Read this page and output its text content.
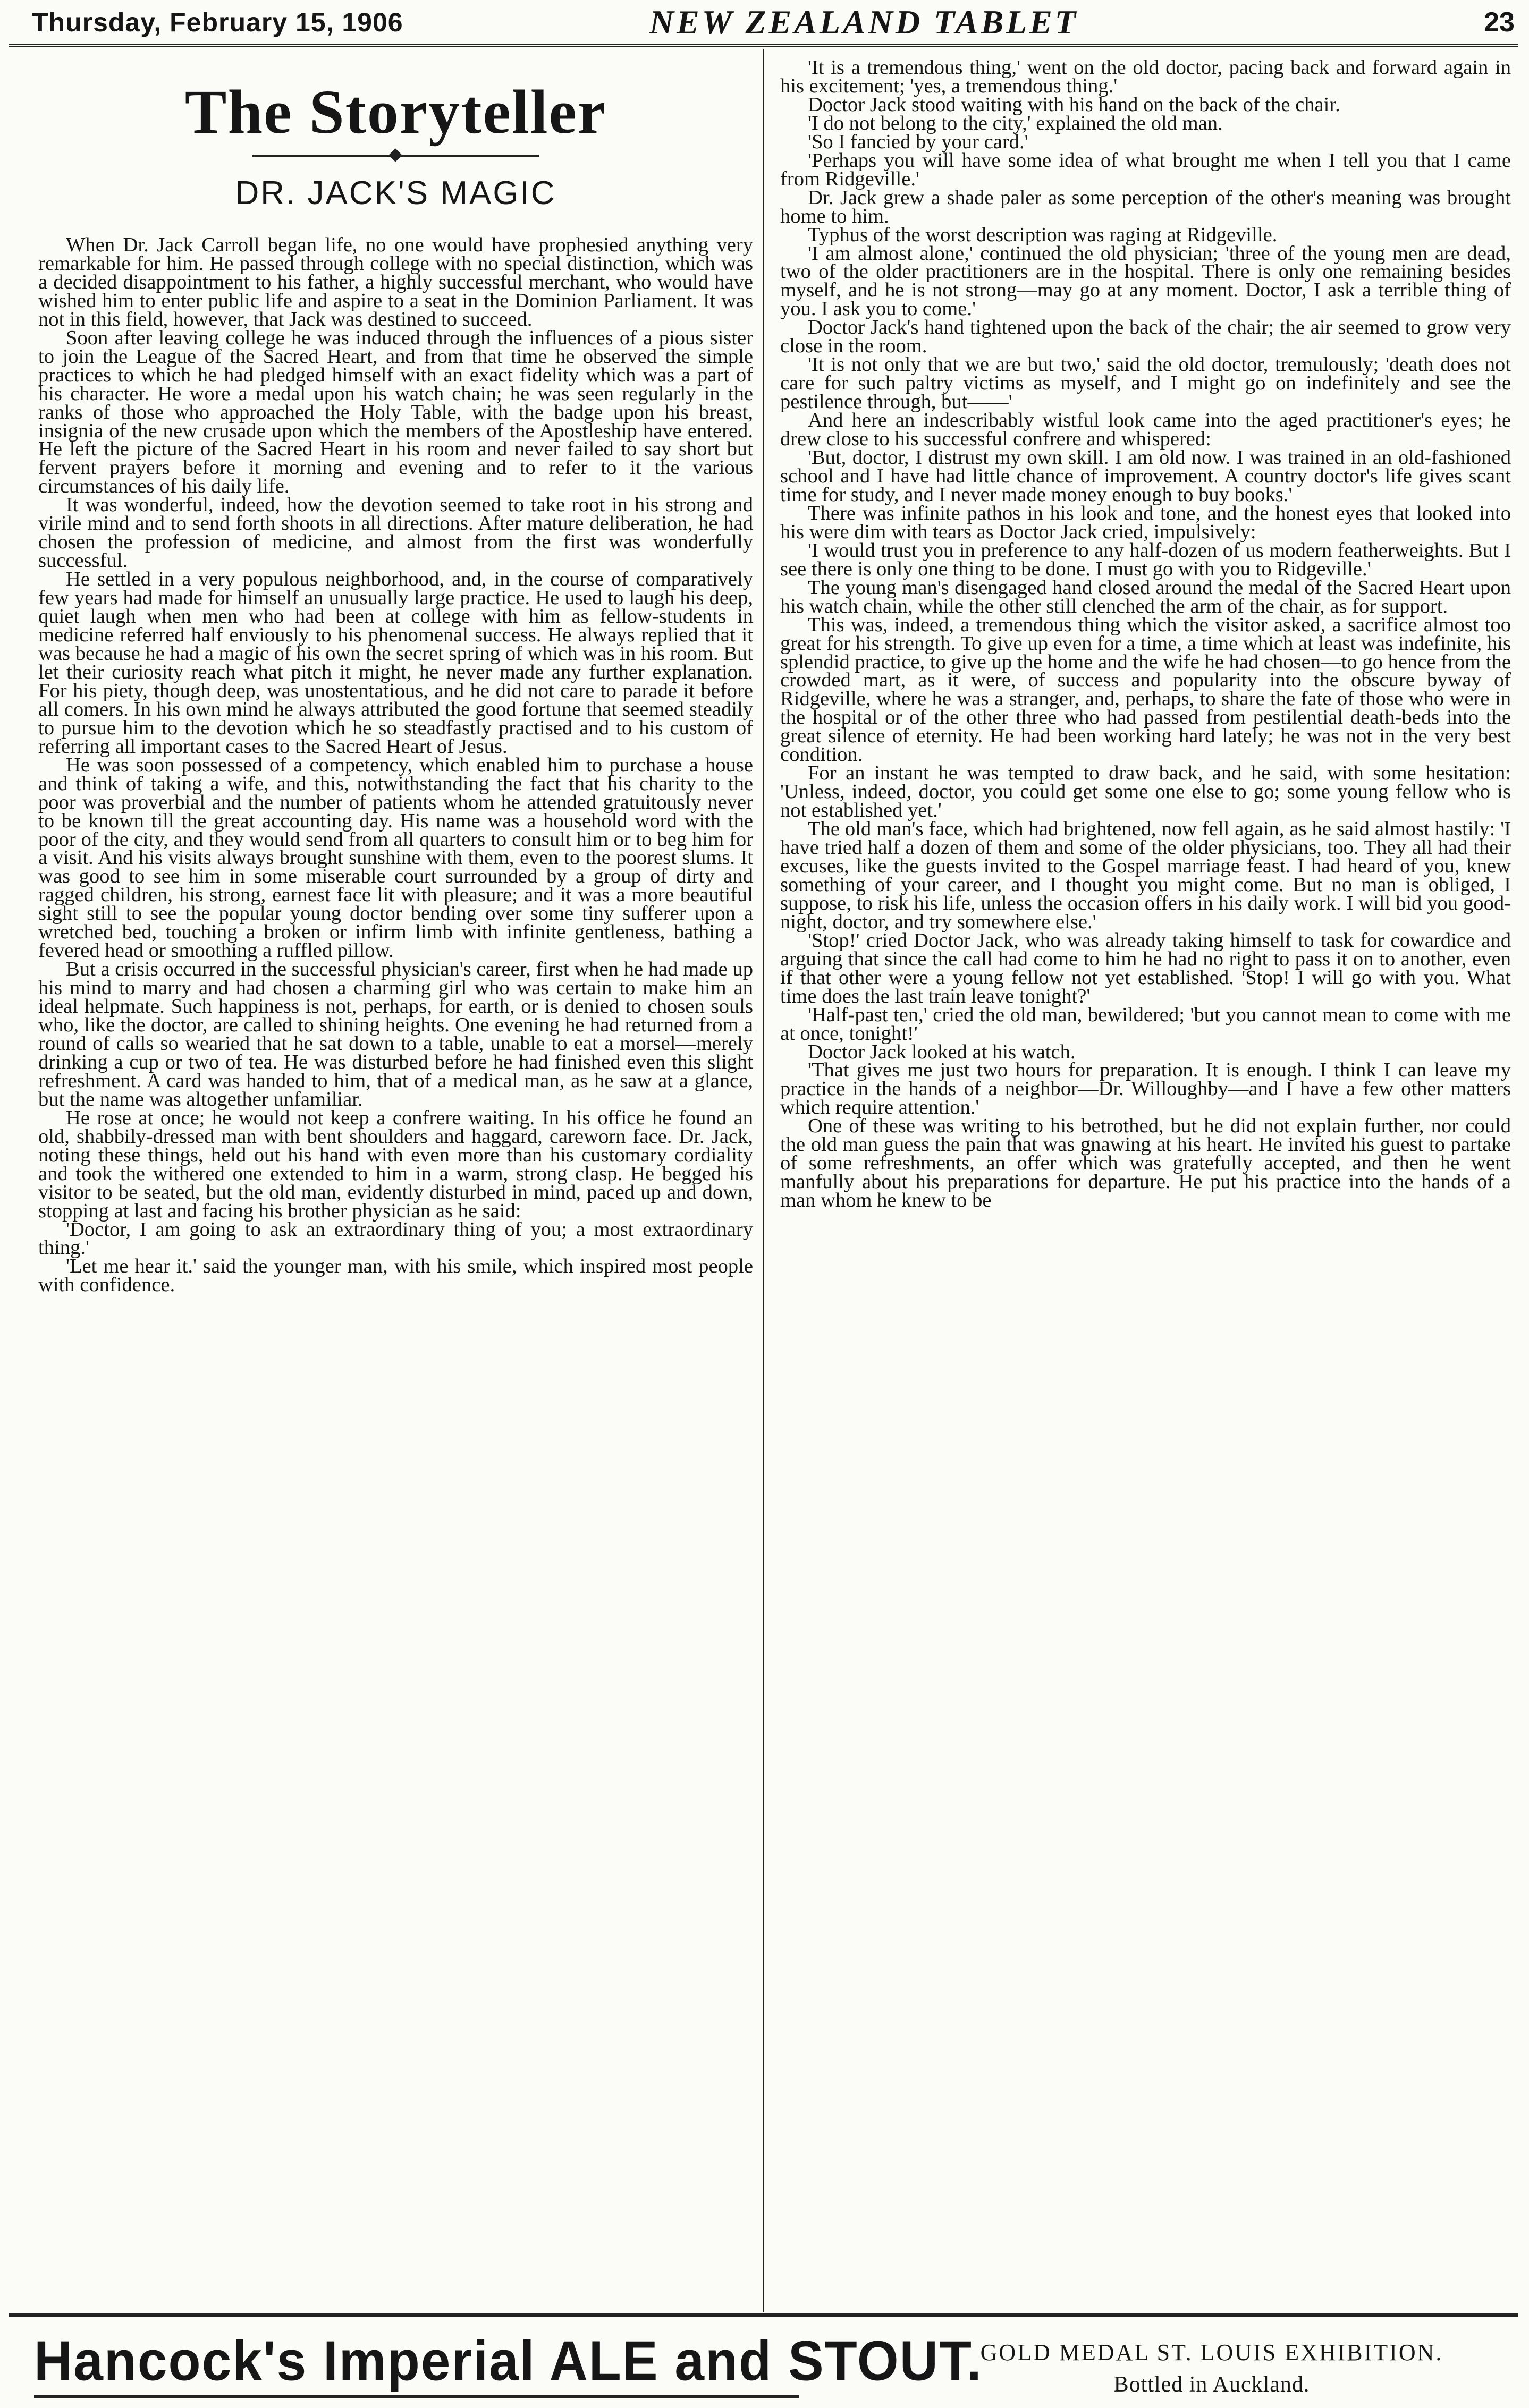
Thursday, February 15, 1906	NEW ZEALAND TABLET	23
The Storyteller
DR. JACK'S MAGIC

When Dr. Jack Carroll began life, no one would have prophesied anything very remarkable for him. He passed through college with no special distinction, which was a decided disappointment to his father, a highly successful merchant, who would have wished him to enter public life and aspire to a seat in the Dominion Parliament. It was not in this field, however, that Jack was destined to succeed.

Soon after leaving college he was induced through the influences of a pious sister to join the League of the Sacred Heart, and from that time he observed the simple practices to which he had pledged himself with an exact fidelity which was a part of his character. He wore a medal upon his watch chain; he was seen regularly in the ranks of those who approached the Holy Table, with the badge upon his breast, insignia of the new crusade upon which the members of the Apostleship have entered. He left the picture of the Sacred Heart in his room and never failed to say short but fervent prayers before it morning and evening and to refer to it the various circumstances of his daily life.

It was wonderful, indeed, how the devotion seemed to take root in his strong and virile mind and to send forth shoots in all directions. After mature deliberation, he had chosen the profession of medicine, and almost from the first was wonderfully successful.

He settled in a very populous neighborhood, and, in the course of comparatively few years had made for himself an unusually large practice. He used to laugh his deep, quiet laugh when men who had been at college with him as fellow-students in medicine referred half enviously to his phenomenal success. He always replied that it was because he had a magic of his own the secret spring of which was in his room. But let their curiosity reach what pitch it might, he never made any further explanation. For his piety, though deep, was unostentatious, and he did not care to parade it before all comers. In his own mind he always attributed the good fortune that seemed steadily to pursue him to the devotion which he so steadfastly practised and to his custom of referring all important cases to the Sacred Heart of Jesus.

He was soon possessed of a competency, which enabled him to purchase a house and think of taking a wife, and this, notwithstanding the fact that his charity to the poor was proverbial and the number of patients whom he attended gratuitously never to be known till the great accounting day. His name was a household word with the poor of the city, and they would send from all quarters to consult him or to beg him for a visit. And his visits always brought sunshine with them, even to the poorest slums. It was good to see him in some miserable court surrounded by a group of dirty and ragged children, his strong, earnest face lit with pleasure; and it was a more beautiful sight still to see the popular young doctor bending over some tiny sufferer upon a wretched bed, touching a broken or infirm limb with infinite gentleness, bathing a fevered head or smoothing a ruffled pillow.

But a crisis occurred in the successful physician's career, first when he had made up his mind to marry and had chosen a charming girl who was certain to make him an ideal helpmate. Such happiness is not, perhaps, for earth, or is denied to chosen souls who, like the doctor, are called to shining heights. One evening he had returned from a round of calls so wearied that he sat down to a table, unable to eat a morsel—merely drinking a cup or two of tea. He was disturbed before he had finished even this slight refreshment. A card was handed to him, that of a medical man, as he saw at a glance, but the name was altogether unfamiliar.

He rose at once; he would not keep a confrere waiting. In his office he found an old, shabbily-dressed man with bent shoulders and haggard, careworn face. Dr. Jack, noting these things, held out his hand with even more than his customary cordiality and took the withered one extended to him in a warm, strong clasp. He begged his visitor to be seated, but the old man, evidently disturbed in mind, paced up and down, stopping at last and facing his brother physician as he said:

'Doctor, I am going to ask an extraordinary thing of you; a most extraordinary thing.'

'Let me hear it.' said the younger man, with his smile, which inspired most people with confidence.

'It is a tremendous thing,' went on the old doctor, pacing back and forward again in his excitement; 'yes, a tremendous thing.'

Doctor Jack stood waiting with his hand on the back of the chair.

'I do not belong to the city,' explained the old man.

'So I fancied by your card.'

'Perhaps you will have some idea of what brought me when I tell you that I came from Ridgeville.'

Dr. Jack grew a shade paler as some perception of the other's meaning was brought home to him.

Typhus of the worst description was raging at Ridgeville.

'I am almost alone,' continued the old physician; 'three of the young men are dead, two of the older practitioners are in the hospital. There is only one remaining besides myself, and he is not strong—may go at any moment. Doctor, I ask a terrible thing of you. I ask you to come.'

Doctor Jack's hand tightened upon the back of the chair; the air seemed to grow very close in the room.

'It is not only that we are but two,' said the old doctor, tremulously; 'death does not care for such paltry victims as myself, and I might go on indefinitely and see the pestilence through, but——'

And here an indescribably wistful look came into the aged practitioner's eyes; he drew close to his successful confrere and whispered:

'But, doctor, I distrust my own skill. I am old now. I was trained in an old-fashioned school and I have had little chance of improvement. A country doctor's life gives scant time for study, and I never made money enough to buy books.'

There was infinite pathos in his look and tone, and the honest eyes that looked into his were dim with tears as Doctor Jack cried, impulsively:

'I would trust you in preference to any half-dozen of us modern featherweights. But I see there is only one thing to be done. I must go with you to Ridgeville.'

The young man's disengaged hand closed around the medal of the Sacred Heart upon his watch chain, while the other still clenched the arm of the chair, as for support.

This was, indeed, a tremendous thing which the visitor asked, a sacrifice almost too great for his strength. To give up even for a time, a time which at least was indefinite, his splendid practice, to give up the home and the wife he had chosen—to go hence from the crowded mart, as it were, of success and popularity into the obscure byway of Ridgeville, where he was a stranger, and, perhaps, to share the fate of those who were in the hospital or of the other three who had passed from pestilential death-beds into the great silence of eternity. He had been working hard lately; he was not in the very best condition.

For an instant he was tempted to draw back, and he said, with some hesitation: 'Unless, indeed, doctor, you could get some one else to go; some young fellow who is not established yet.'

The old man's face, which had brightened, now fell again, as he said almost hastily: 'I have tried half a dozen of them and some of the older physicians, too. They all had their excuses, like the guests invited to the Gospel marriage feast. I had heard of you, knew something of your career, and I thought you might come. But no man is obliged, I suppose, to risk his life, unless the occasion offers in his daily work. I will bid you good-night, doctor, and try somewhere else.'

'Stop!' cried Doctor Jack, who was already taking himself to task for cowardice and arguing that since the call had come to him he had no right to pass it on to another, even if that other were a young fellow not yet established. 'Stop! I will go with you. What time does the last train leave tonight?'

'Half-past ten,' cried the old man, bewildered; 'but you cannot mean to come with me at once, tonight!'

Doctor Jack looked at his watch.

'That gives me just two hours for preparation. It is enough. I think I can leave my practice in the hands of a neighbor—Dr. Willoughby—and I have a few other matters which require attention.'

One of these was writing to his betrothed, but he did not explain further, nor could the old man guess the pain that was gnawing at his heart. He invited his guest to partake of some refreshments, an offer which was gratefully accepted, and then he went manfully about his preparations for departure. He put his practice into the hands of a man whom he knew to be

Hancock's Imperial ALE and STOUT.
GOLD MEDAL ST. LOUIS EXHIBITION.
Bottled in Auckland.
